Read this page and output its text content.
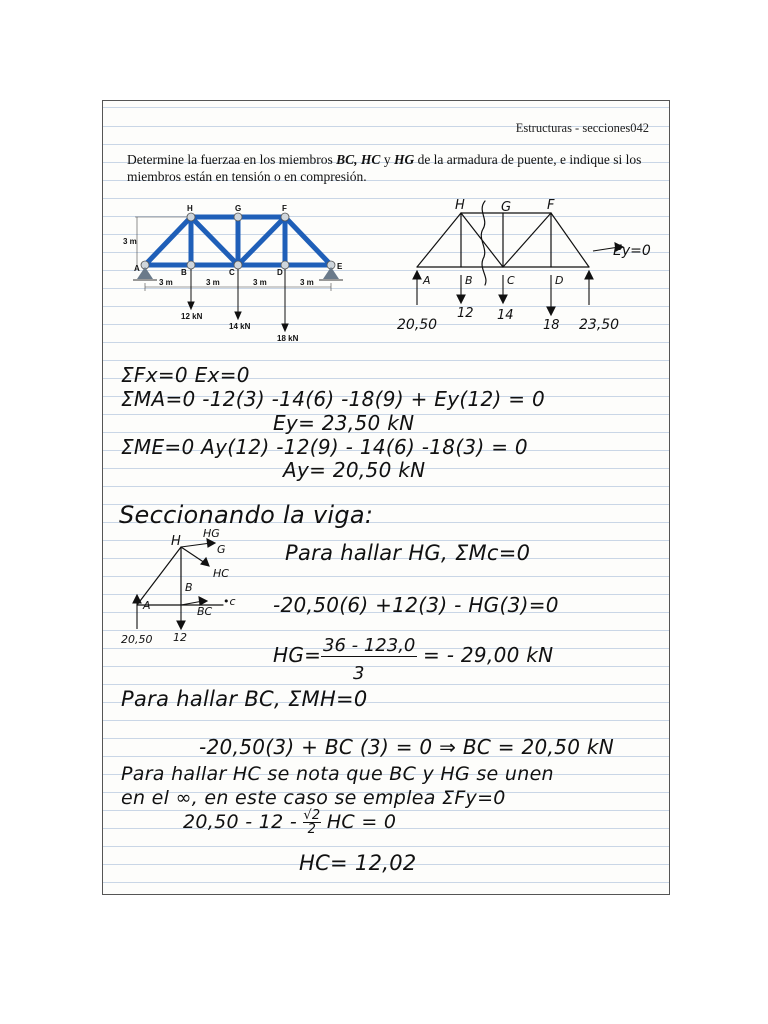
Estructuras - secciones042
Determine la fuerzaa en los miembros BC, HC y HG de la armadura de puente, e indique si los miembros están en tensión o en compresión.
3 m
H	G	F
A	B	C	D
E
3 m	3 m	3 m	3 m
12 kN
14 kN
18 kN
H	G	F
A	B	C	D
Ey=0
20,50	23,50
12 14
18
ΣFx=0 Ex=0
ΣMA=0 -12(3) -14(6) -18(9) + Ey(12) = 0
Ey= 23,50 kN
ΣME=0 Ay(12) -12(9) - 14(6) -18(3) = 0
Ay= 20,50 kN
Seccionando la viga:
H
HG
G
HC
B
A	BC
•c
20,50 12
Para hallar HG, ΣMc=0
-20,50(6) +12(3) - HG(3)=0
HG= 36 - 123,0
3
= - 29,00 kN
Para hallar BC, ΣMH=0
-20,50(3) + BC (3) = 0 ⇒ BC = 20,50 kN
Para hallar HC se nota que BC y HG se unen
en el ∞, en este caso se emplea ΣFy=0
$20,50 - 12 - \frac{√2}{2}$ HC = 0
HC= 12,02
